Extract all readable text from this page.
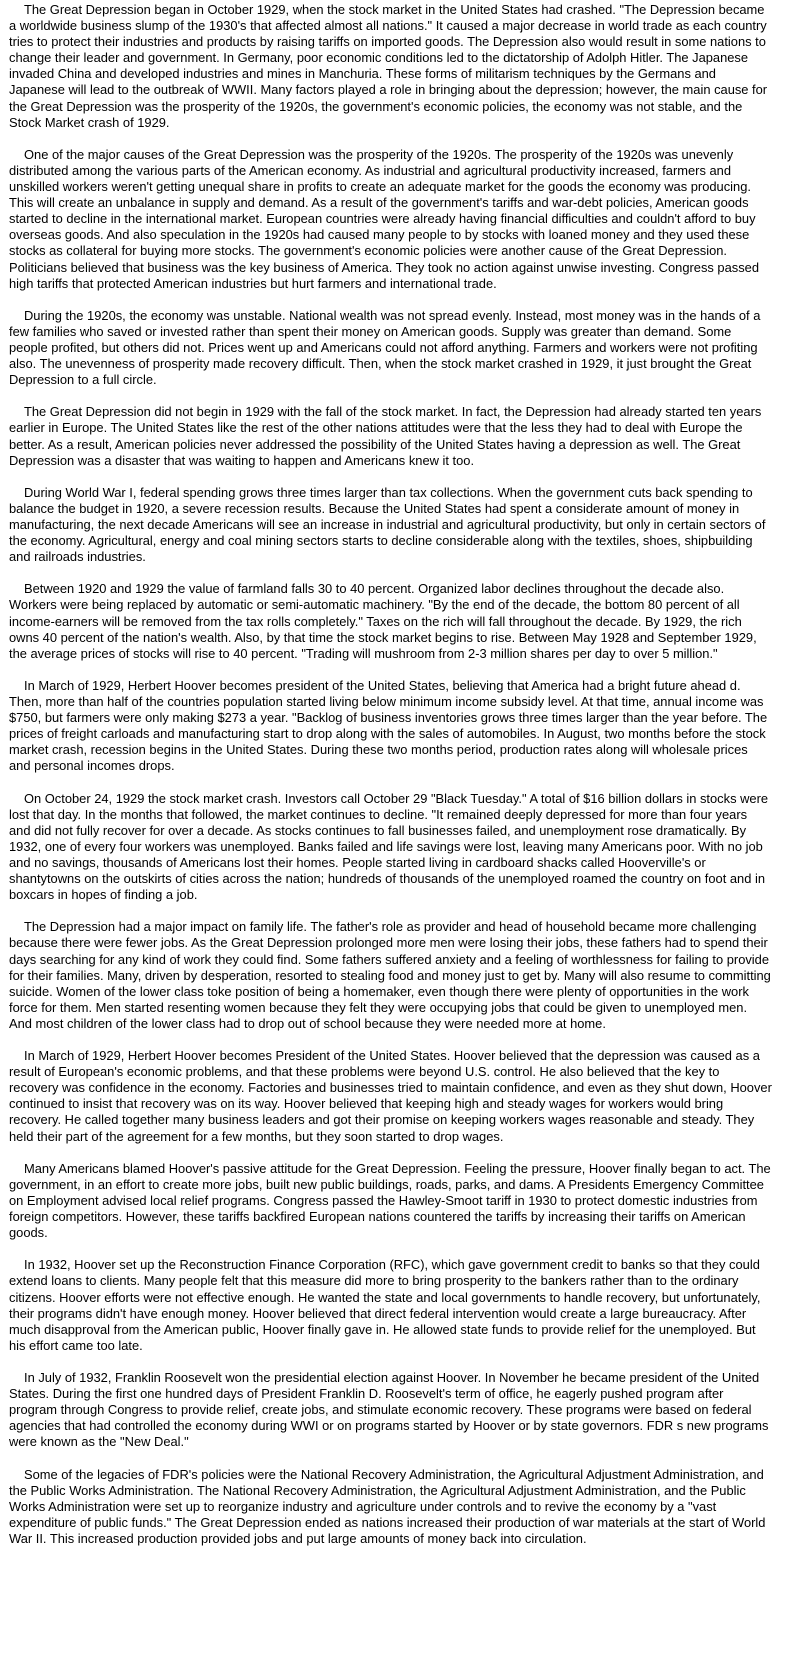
The Great Depression began in October 1929, when the stock market in the United States had crashed. "The Depression became a worldwide business slump of the 1930's that affected almost all nations." It caused a major decrease in world trade as each country tries to protect their industries and products by raising tariffs on imported goods. The Depression also would result in some nations to change their leader and government. In Germany, poor economic conditions led to the dictatorship of Adolph Hitler. The Japanese invaded China and developed industries and mines in Manchuria. These forms of militarism techniques by the Germans and Japanese will lead to the outbreak of WWII. Many factors played a role in bringing about the depression; however, the main cause for the Great Depression was the prosperity of the 1920s, the government's economic policies, the economy was not stable, and the Stock Market crash of 1929.

One of the major causes of the Great Depression was the prosperity of the 1920s. The prosperity of the 1920s was unevenly distributed among the various parts of the American economy. As industrial and agricultural productivity increased, farmers and unskilled workers weren't getting unequal share in profits to create an adequate market for the goods the economy was producing. This will create an unbalance in supply and demand. As a result of the government's tariffs and war-debt policies, American goods started to decline in the international market. European countries were already having financial difficulties and couldn't afford to buy overseas goods. And also speculation in the 1920s had caused many people to by stocks with loaned money and they used these stocks as collateral for buying more stocks. The government's economic policies were another cause of the Great Depression. Politicians believed that business was the key business of America. They took no action against unwise investing. Congress passed high tariffs that protected American industries but hurt farmers and international trade.

During the 1920s, the economy was unstable. National wealth was not spread evenly. Instead, most money was in the hands of a few families who saved or invested rather than spent their money on American goods. Supply was greater than demand. Some people profited, but others did not. Prices went up and Americans could not afford anything. Farmers and workers were not profiting also. The unevenness of prosperity made recovery difficult. Then, when the stock market crashed in 1929, it just brought the Great Depression to a full circle.

The Great Depression did not begin in 1929 with the fall of the stock market. In fact, the Depression had already started ten years earlier in Europe. The United States like the rest of the other nations attitudes were that the less they had to deal with Europe the better. As a result, American policies never addressed the possibility of the United States having a depression as well. The Great Depression was a disaster that was waiting to happen and Americans knew it too.

During World War I, federal spending grows three times larger than tax collections. When the government cuts back spending to balance the budget in 1920, a severe recession results. Because the United States had spent a considerate amount of money in manufacturing, the next decade Americans will see an increase in industrial and agricultural productivity, but only in certain sectors of the economy. Agricultural, energy and coal mining sectors starts to decline considerable along with the textiles, shoes, shipbuilding and railroads industries.

Between 1920 and 1929 the value of farmland falls 30 to 40 percent. Organized labor declines throughout the decade also. Workers were being replaced by automatic or semi-automatic machinery. "By the end of the decade, the bottom 80 percent of all income-earners will be removed from the tax rolls completely." Taxes on the rich will fall throughout the decade. By 1929, the rich owns 40 percent of the nation's wealth. Also, by that time the stock market begins to rise. Between May 1928 and September 1929, the average prices of stocks will rise to 40 percent. "Trading will mushroom from 2-3 million shares per day to over 5 million."

In March of 1929, Herbert Hoover becomes president of the United States, believing that America had a bright future ahead d. Then, more than half of the countries population started living below minimum income subsidy level. At that time, annual income was $750, but farmers were only making $273 a year. "Backlog of business inventories grows three times larger than the year before. The prices of freight carloads and manufacturing start to drop along with the sales of automobiles. In August, two months before the stock market crash, recession begins in the United States. During these two months period, production rates along will wholesale prices and personal incomes drops.

On October 24, 1929 the stock market crash. Investors call October 29 "Black Tuesday." A total of $16 billion dollars in stocks were lost that day. In the months that followed, the market continues to decline. "It remained deeply depressed for more than four years and did not fully recover for over a decade. As stocks continues to fall businesses failed, and unemployment rose dramatically. By 1932, one of every four workers was unemployed. Banks failed and life savings were lost, leaving many Americans poor. With no job and no savings, thousands of Americans lost their homes. People started living in cardboard shacks called Hooverville's or shantytowns on the outskirts of cities across the nation; hundreds of thousands of the unemployed roamed the country on foot and in boxcars in hopes of finding a job.

The Depression had a major impact on family life. The father's role as provider and head of household became more challenging because there were fewer jobs. As the Great Depression prolonged more men were losing their jobs, these fathers had to spend their days searching for any kind of work they could find. Some fathers suffered anxiety and a feeling of worthlessness for failing to provide for their families. Many, driven by desperation, resorted to stealing food and money just to get by. Many will also resume to committing suicide. Women of the lower class toke position of being a homemaker, even though there were plenty of opportunities in the work force for them. Men started resenting women because they felt they were occupying jobs that could be given to unemployed men. And most children of the lower class had to drop out of school because they were needed more at home.

In March of 1929, Herbert Hoover becomes President of the United States. Hoover believed that the depression was caused as a result of European's economic problems, and that these problems were beyond U.S. control. He also believed that the key to recovery was confidence in the economy. Factories and businesses tried to maintain confidence, and even as they shut down, Hoover continued to insist that recovery was on its way. Hoover believed that keeping high and steady wages for workers would bring recovery. He called together many business leaders and got their promise on keeping workers wages reasonable and steady. They held their part of the agreement for a few months, but they soon started to drop wages.

Many Americans blamed Hoover's passive attitude for the Great Depression. Feeling the pressure, Hoover finally began to act. The government, in an effort to create more jobs, built new public buildings, roads, parks, and dams. A Presidents Emergency Committee on Employment advised local relief programs. Congress passed the Hawley-Smoot tariff in 1930 to protect domestic industries from foreign competitors. However, these tariffs backfired European nations countered the tariffs by increasing their tariffs on American goods.

In 1932, Hoover set up the Reconstruction Finance Corporation (RFC), which gave government credit to banks so that they could extend loans to clients. Many people felt that this measure did more to bring prosperity to the bankers rather than to the ordinary citizens. Hoover efforts were not effective enough. He wanted the state and local governments to handle recovery, but unfortunately, their programs didn't have enough money. Hoover believed that direct federal intervention would create a large bureaucracy. After much disapproval from the American public, Hoover finally gave in. He allowed state funds to provide relief for the unemployed. But his effort came too late.

In July of 1932, Franklin Roosevelt won the presidential election against Hoover. In November he became president of the United States. During the first one hundred days of President Franklin D. Roosevelt's term of office, he eagerly pushed program after program through Congress to provide relief, create jobs, and stimulate economic recovery. These programs were based on federal agencies that had controlled the economy during WWI or on programs started by Hoover or by state governors. FDR s new programs were known as the "New Deal."

Some of the legacies of FDR's policies were the National Recovery Administration, the Agricultural Adjustment Administration, and the Public Works Administration. The National Recovery Administration, the Agricultural Adjustment Administration, and the Public Works Administration were set up to reorganize industry and agriculture under controls and to revive the economy by a "vast expenditure of public funds." The Great Depression ended as nations increased their production of war materials at the start of World War II. This increased production provided jobs and put large amounts of money back into circulation.
